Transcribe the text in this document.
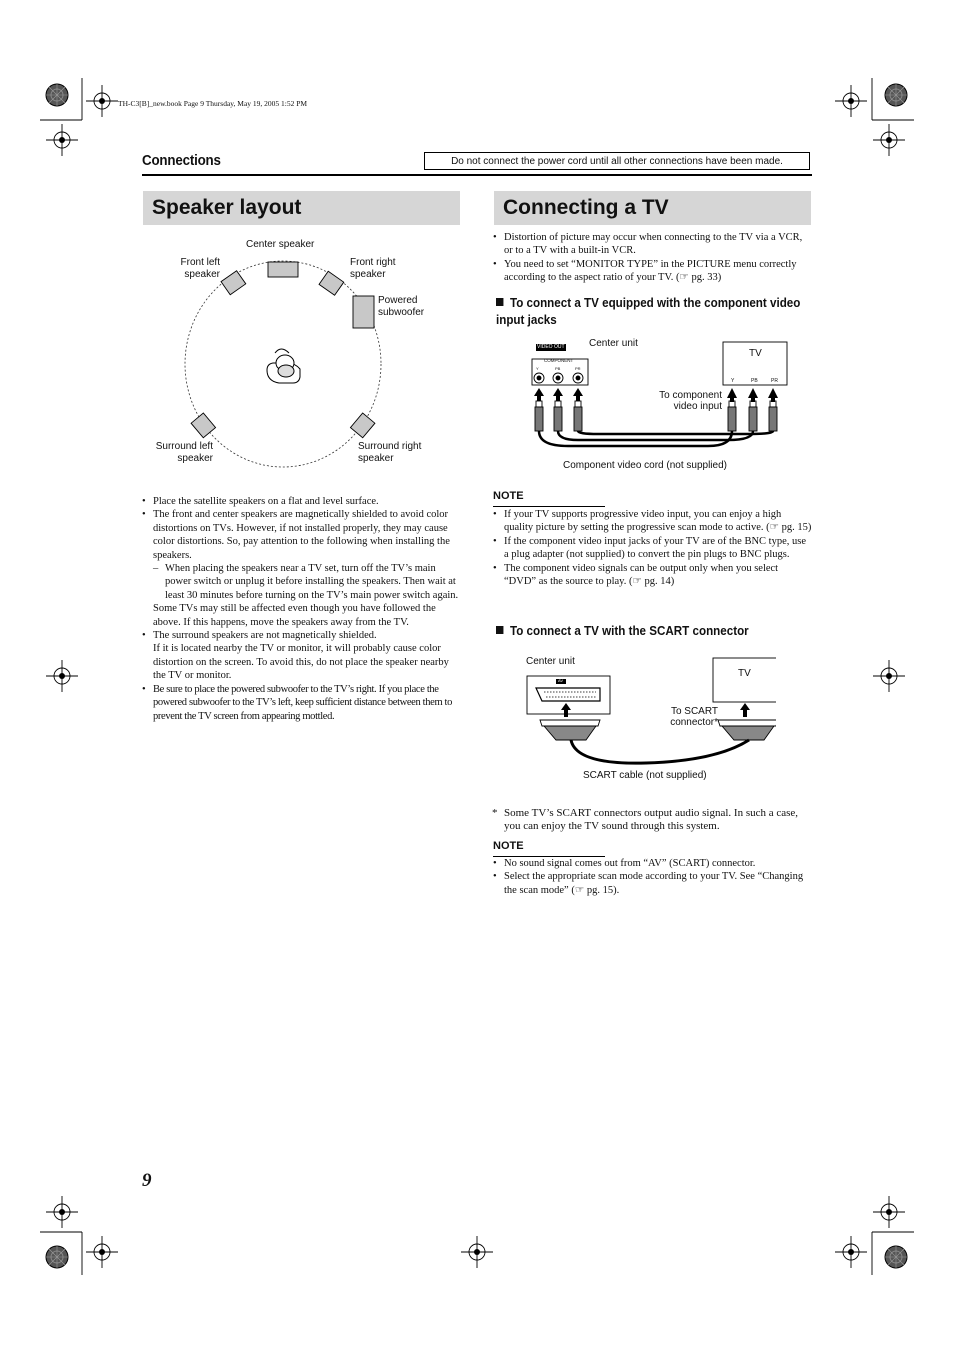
TH-C3[B]_new.book Page 9 Thursday, May 19, 2005 1:52 PM
Connections	Do not connect the power cord until all other connections have been made.
Speaker layout
Center speaker
Front left
speaker
Front right
speaker
Powered
subwoofer
Surround left
speaker
Surround right
speaker
• Place the satellite speakers on a flat and level surface.
• The front and center speakers are magnetically shielded to avoid color distortions on TVs. However, if not installed properly, they may cause color distortions. So, pay attention to the following when installing the speakers.
– When placing the speakers near a TV set, turn off the TV’s main power switch or unplug it before installing the speakers. Then wait at least 30 minutes before turning on the TV’s main power switch again.
Some TVs may still be affected even though you have followed the above. If this happens, move the speakers away from the TV.
• The surround speakers are not magnetically shielded.
If it is located nearby the TV or monitor, it will probably cause color distortion on the screen. To avoid this, do not place the speaker nearby the TV or monitor.
• Be sure to place the powered subwoofer to the TV’s right. If you place the powered subwoofer to the TV’s left, keep sufficient distance between them to prevent the TV screen from appearing mottled.
Connecting a TV
• Distortion of picture may occur when connecting to the TV via a VCR, or to a TV with a built-in VCR.
• You need to set “MONITOR TYPE” in the PICTURE menu correctly according to the aspect ratio of your TV. (☞ pg. 33)
To connect a TV equipped with the component video input jacks
Center unit
VIDEO OUT
COMPONENT
Y	PB	PR
TV
Y	PB	PR
To component
video input
Component video cord (not supplied)
NOTE
• If your TV supports progressive video input, you can enjoy a high quality picture by setting the progressive scan mode to active. (☞ pg. 15)
• If the component video input jacks of your TV are of the BNC type, use a plug adapter (not supplied) to convert the pin plugs to BNC plugs.
• The component video signals can be output only when you select “DVD” as the source to play. (☞ pg. 14)
To connect a TV with the SCART connector
Center unit
AV
TV
To SCART
connector*
SCART cable (not supplied)
* Some TV’s SCART connectors output audio signal. In such a case, you can enjoy the TV sound through this system.
NOTE
• No sound signal comes out from “AV” (SCART) connector.
• Select the appropriate scan mode according to your TV. See “Changing the scan mode” (☞ pg. 15).
9
